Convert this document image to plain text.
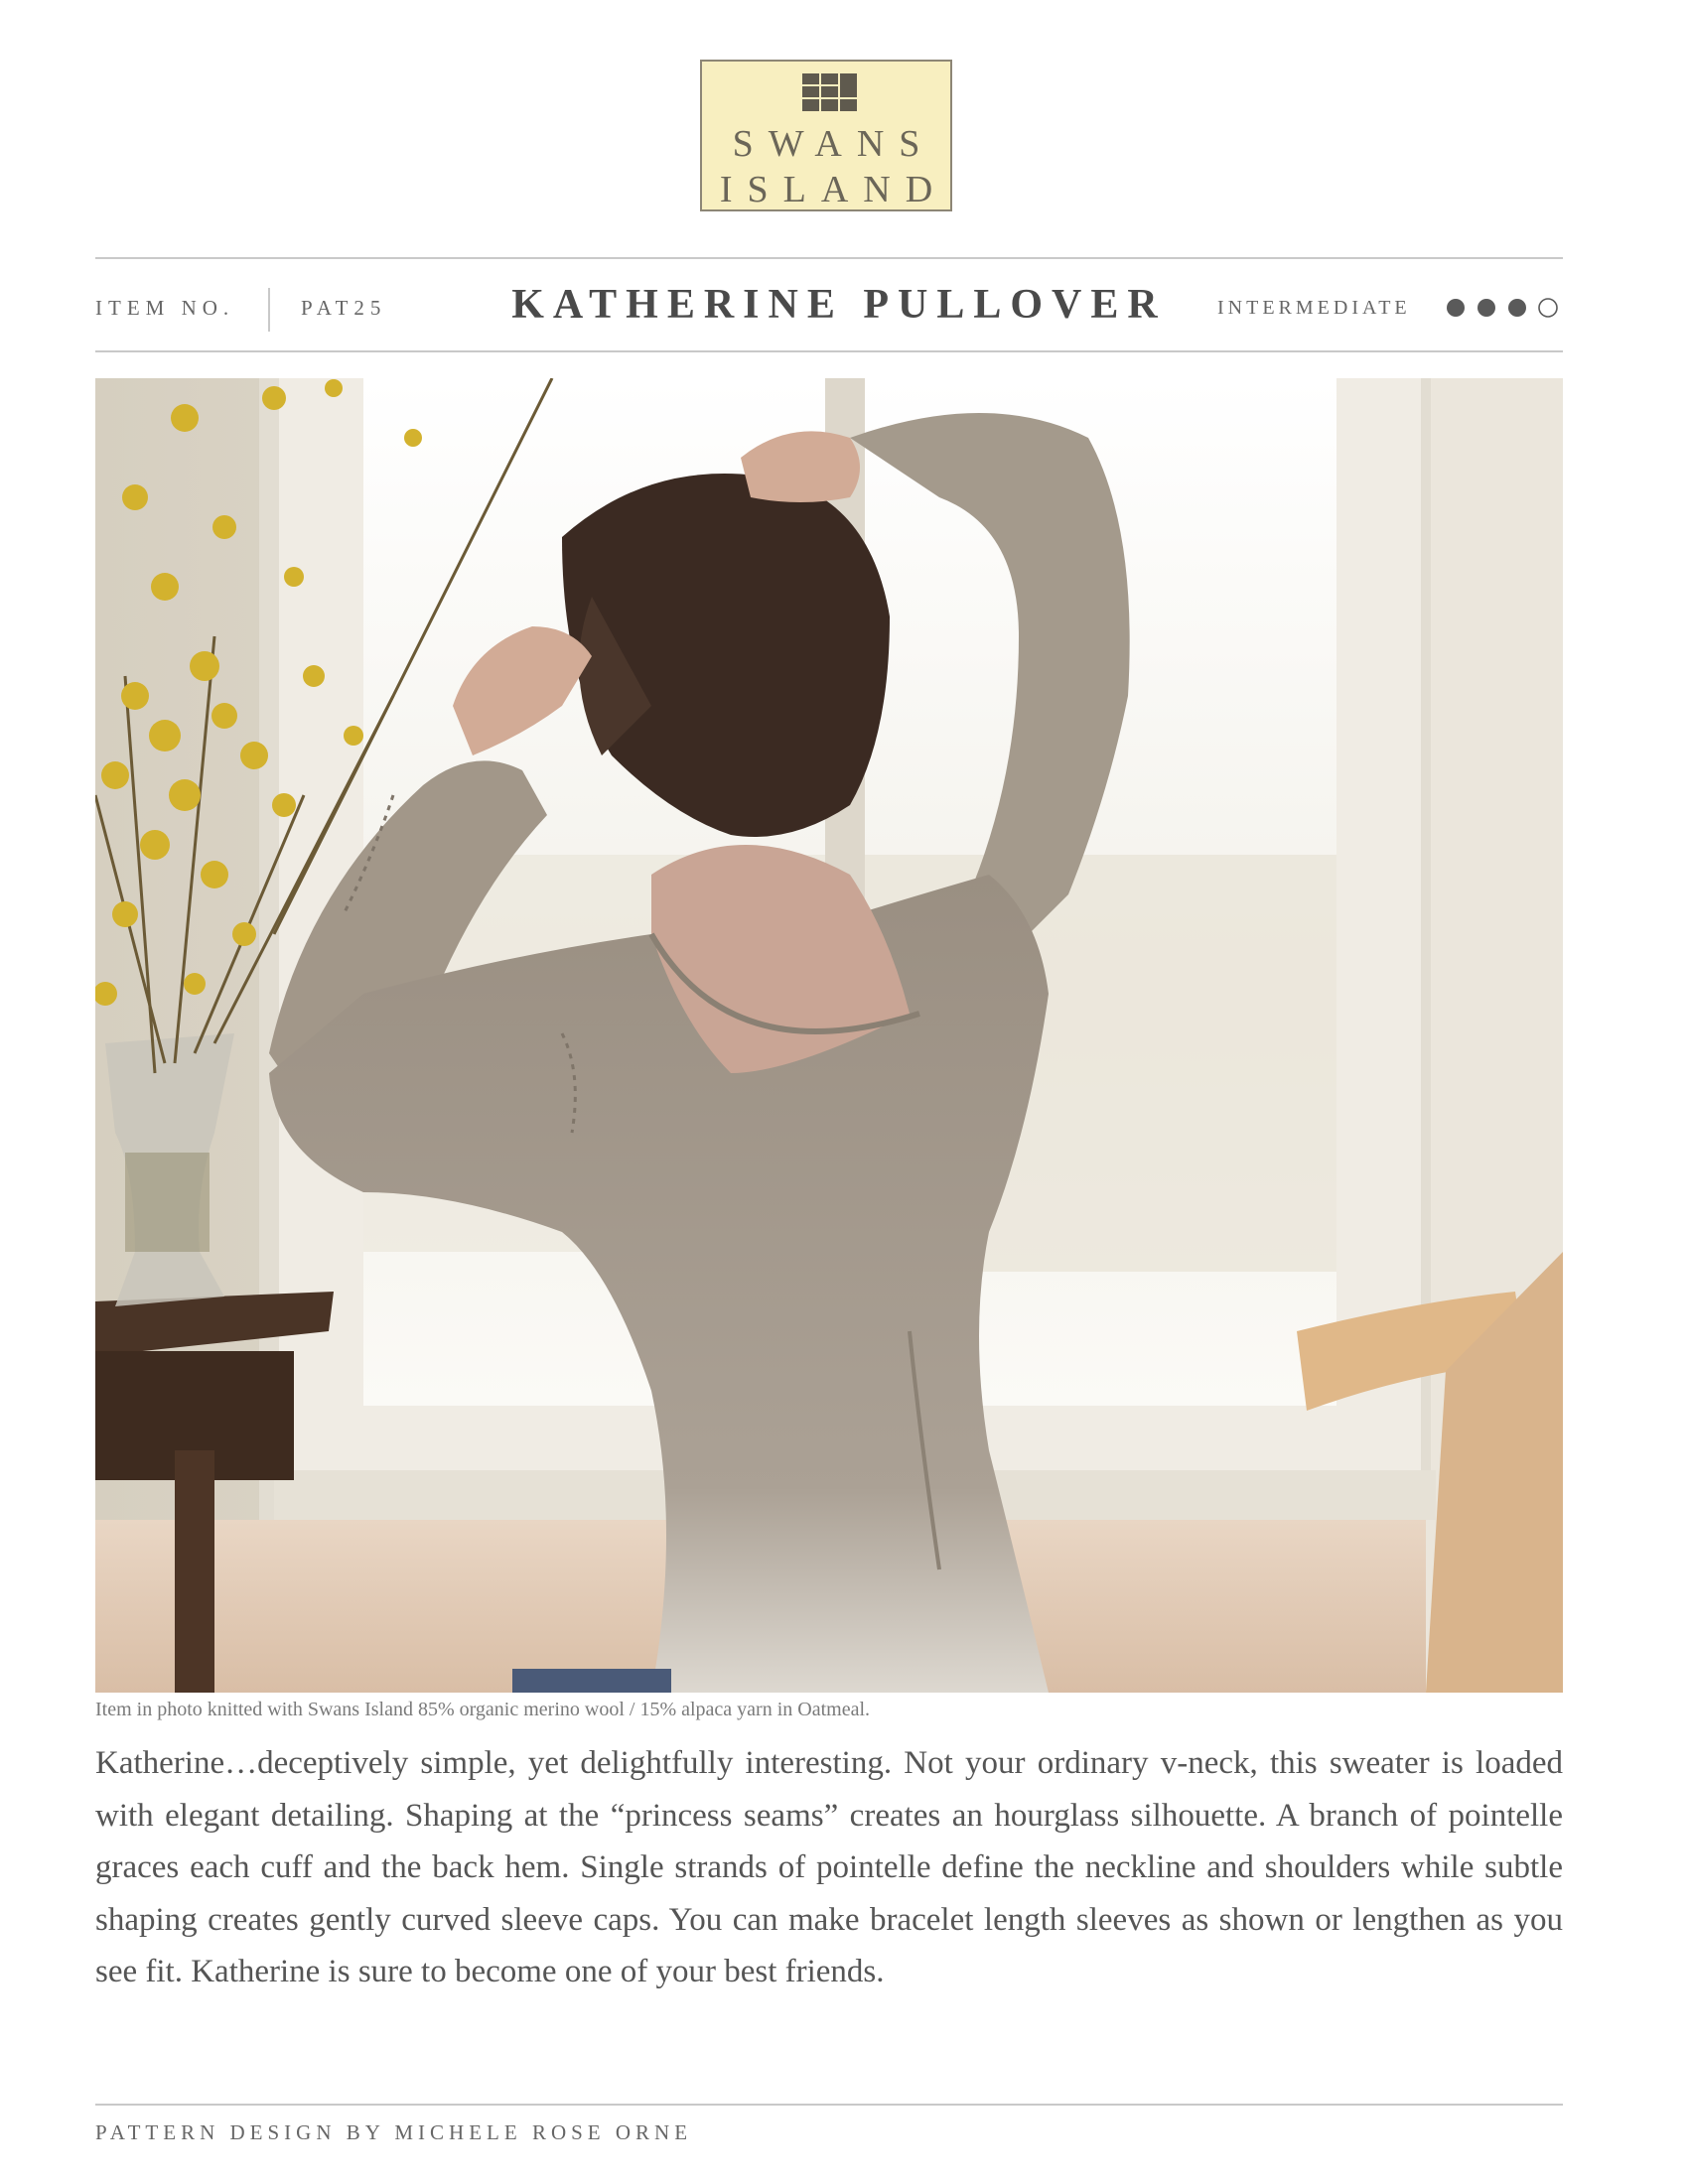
SWANS
ISLAND
ITEM NO.	PAT25	KATHERINE PULLOVER	INTERMEDIATE
Item in photo knitted with Swans Island 85% organic merino wool / 15% alpaca yarn in Oatmeal.

Katherine…deceptively simple, yet delightfully interesting. Not your ordinary v-neck, this sweater is loaded with elegant detailing. Shaping at the “princess seams” creates an hourglass silhouette. A branch of pointelle graces each cuff and the back hem. Single strands of pointelle define the neckline and shoulders while subtle shaping creates gently curved sleeve caps. You can make bracelet length sleeves as shown or lengthen as you see fit. Katherine is sure to become one of your best friends.

PATTERN DESIGN BY MICHELE ROSE ORNE
